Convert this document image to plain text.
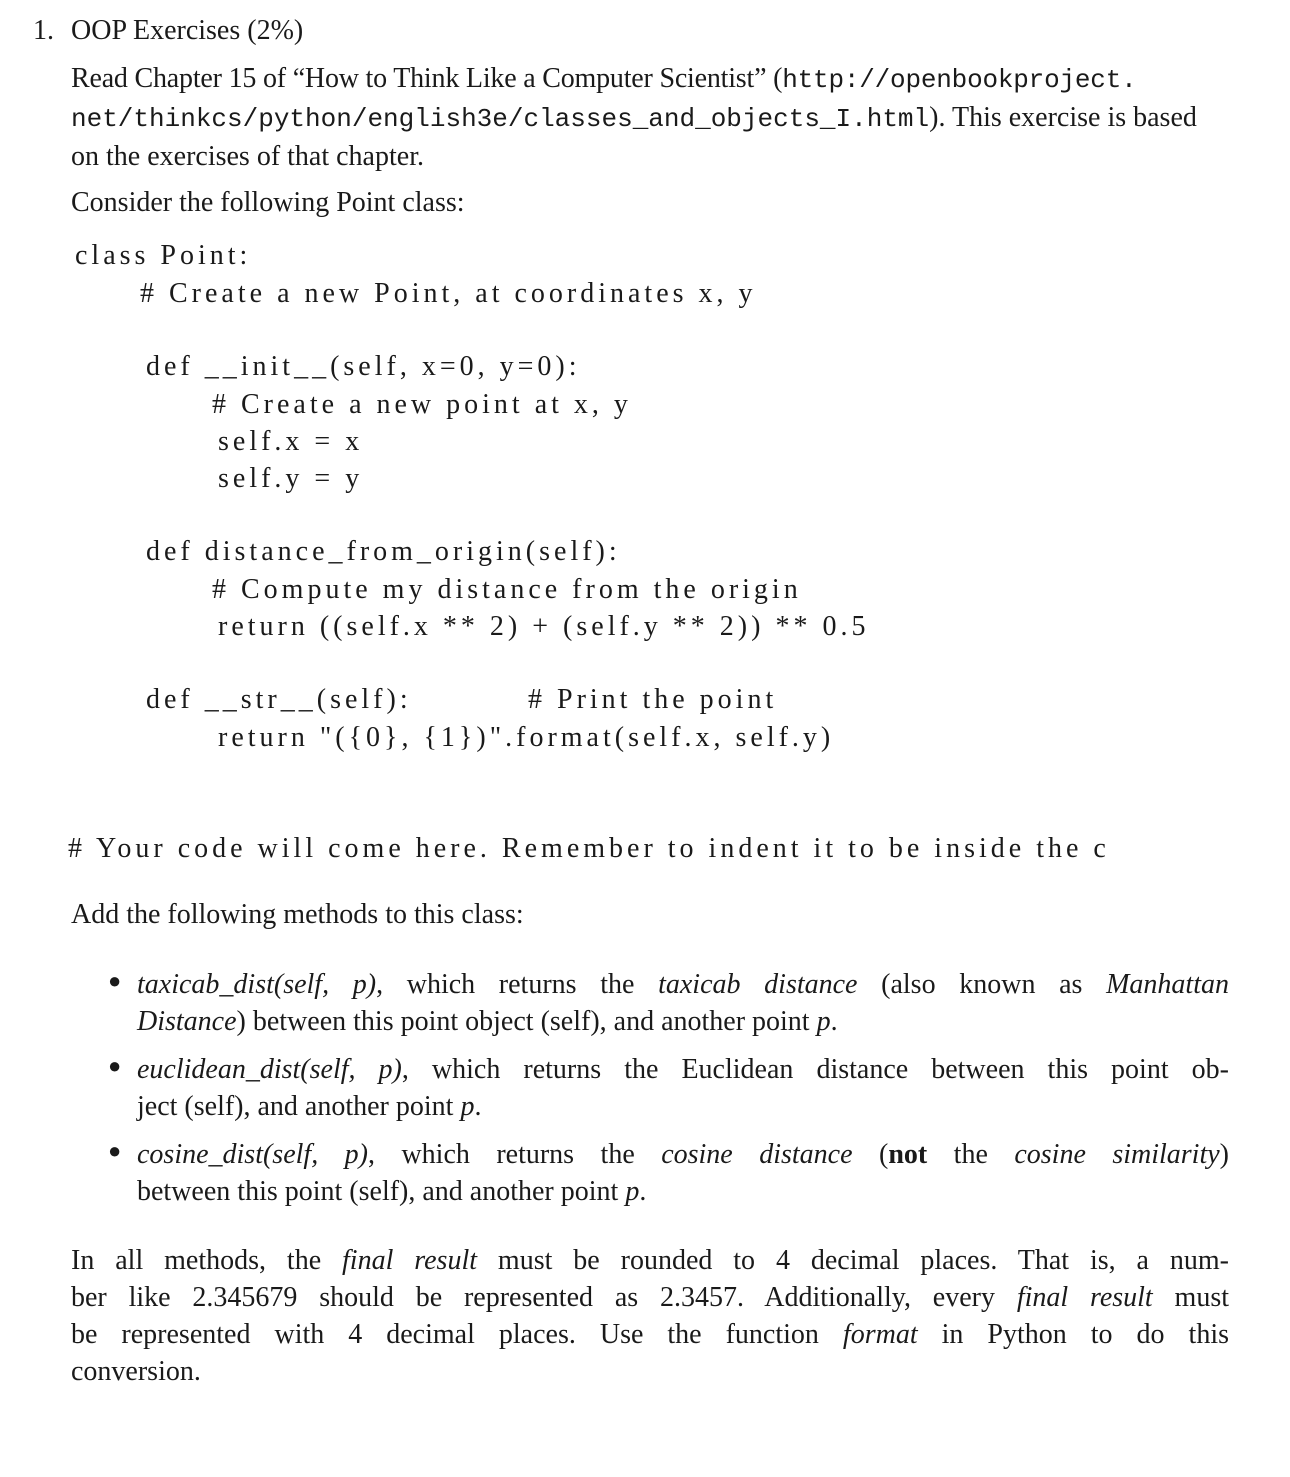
1. OOP Exercises (2%)
Read Chapter 15 of “How to Think Like a Computer Scientist” (http://openbookproject.
net/thinkcs/python/english3e/classes_and_objects_I.html). This exercise is based
on the exercises of that chapter.
Consider the following Point class:
class Point:
# Create a new Point, at coordinates x, y
def __init__(self, x=0, y=0):
# Create a new point at x, y
self.x = x
self.y = y
def distance_from_origin(self):
# Compute my distance from the origin
return ((self.x ** 2) + (self.y ** 2)) ** 0.5
def __str__(self):	# Print the point
return "({0}, {1})".format(self.x, self.y)
# Your code will come here. Remember to indent it to be inside the c
Add the following methods to this class:
● taxicab_dist(self, p), which returns the taxicab distance (also known as Manhattan
Distance) between this point object (self), and another point p.
● euclidean_dist(self, p), which returns the Euclidean distance between this point ob-
ject (self), and another point p.
● cosine_dist(self, p), which returns the cosine distance (not the cosine similarity)
between this point (self), and another point p.
In all methods, the final result must be rounded to 4 decimal places. That is, a num-
ber like 2.345679 should be represented as 2.3457. Additionally, every final result must
be represented with 4 decimal places. Use the function format in Python to do this
conversion.
